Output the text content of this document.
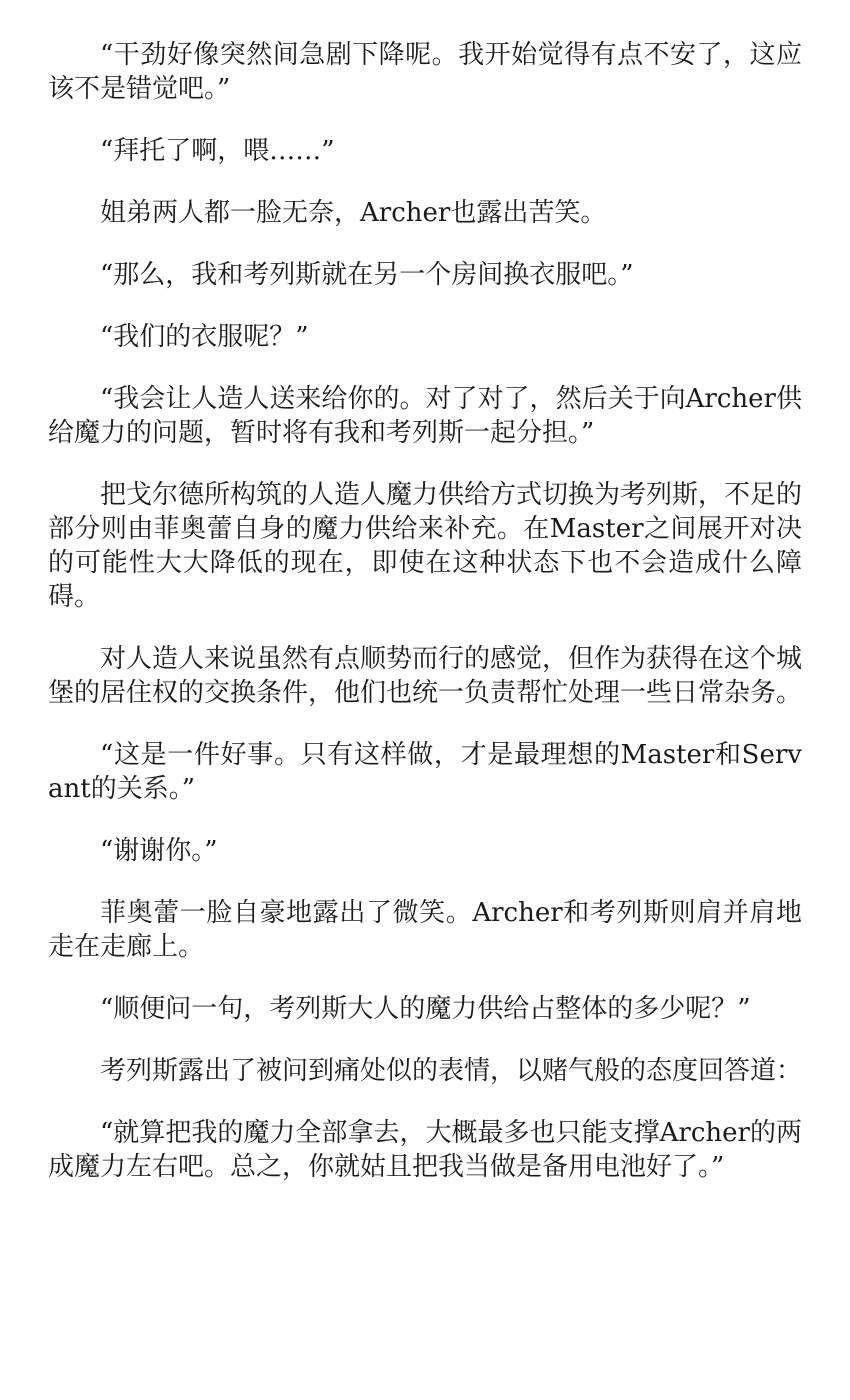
“干劲好像突然间急剧下降呢。我开始觉得有点不安了，这应该不是错觉吧。”

“拜托了啊，喂……”

姐弟两人都一脸无奈，Archer也露出苦笑。

“那么，我和考列斯就在另一个房间换衣服吧。”

“我们的衣服呢？”

“我会让人造人送来给你的。对了对了，然后关于向Archer供给魔力的问题，暂时将有我和考列斯一起分担。”

把戈尔德所构筑的人造人魔力供给方式切换为考列斯，不足的部分则由菲奥蕾自身的魔力供给来补充。在Master之间展开对决的可能性大大降低的现在，即使在这种状态下也不会造成什么障碍。

对人造人来说虽然有点顺势而行的感觉，但作为获得在这个城堡的居住权的交换条件，他们也统一负责帮忙处理一些日常杂务。

“这是一件好事。只有这样做，才是最理想的Master和Servant的关系。”

“谢谢你。”

菲奥蕾一脸自豪地露出了微笑。Archer和考列斯则肩并肩地走在走廊上。

“顺便问一句，考列斯大人的魔力供给占整体的多少呢？”

考列斯露出了被问到痛处似的表情，以赌气般的态度回答道：

“就算把我的魔力全部拿去，大概最多也只能支撑Archer的两成魔力左右吧。总之，你就姑且把我当做是备用电池好了。”
